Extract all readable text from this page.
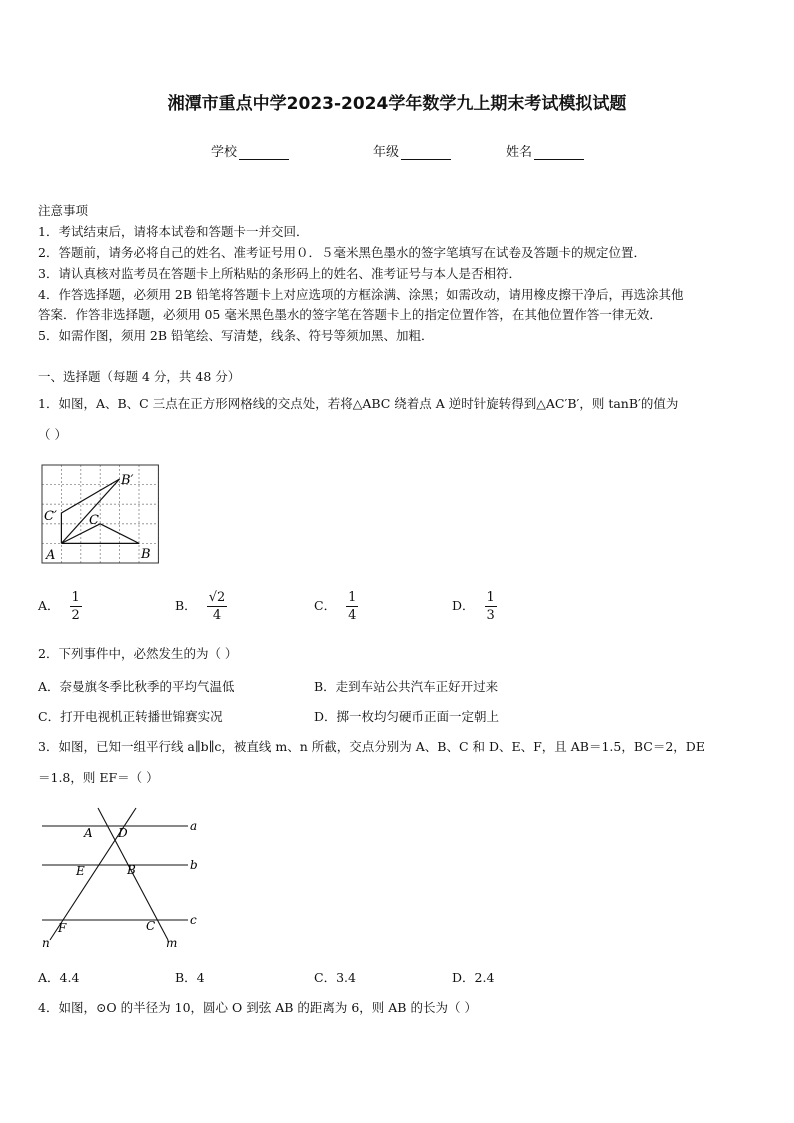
湘潭市重点中学2023-2024学年数学九上期末考试模拟试题
学校	年级	姓名
注意事项
1．考试结束后，请将本试卷和答题卡一并交回．
2．答题前，请务必将自己的姓名、准考证号用０．５毫米黑色墨水的签字笔填写在试卷及答题卡的规定位置．
3．请认真核对监考员在答题卡上所粘贴的条形码上的姓名、准考证号与本人是否相符．
4．作答选择题，必须用 2B 铅笔将答题卡上对应选项的方框涂满、涂黑；如需改动，请用橡皮擦干净后，再选涂其他
答案．作答非选择题，必须用 05 毫米黑色墨水的签字笔在答题卡上的指定位置作答，在其他位置作答一律无效．
5．如需作图，须用 2B 铅笔绘、写清楚，线条、符号等须加黑、加粗．
一、选择题（每题 4 分，共 48 分）
1．如图，A、B、C 三点在正方形网格线的交点处，若将△ABC 绕着点 A 逆时针旋转得到△AC′B′，则 tanB′的值为
（ ）
A	B
C
C′
B′
A． $\frac{1}{2}$	B． $\frac{√2}{4}$	C． $\frac{1}{4}$	D． $\frac{1}{3}$
2．下列事件中，必然发生的为（ ）
A．奈曼旗冬季比秋季的平均气温低	B．走到车站公共汽车正好开过来
C．打开电视机正转播世锦赛实况	D．掷一枚均匀硬币正面一定朝上
3．如图，已知一组平行线 a∥b∥c，被直线 m、n 所截，交点分别为 A、B、C 和 D、E、F，且 AB＝1.5，BC＝2，DE
＝1.8，则 EF＝（ ）
a
b
c
A D
E	B
F	C
n	m
A．4.4	B．4	C．3.4	D．2.4
4．如图，⊙O 的半径为 10，圆心 O 到弦 AB 的距离为 6，则 AB 的长为（ ）
